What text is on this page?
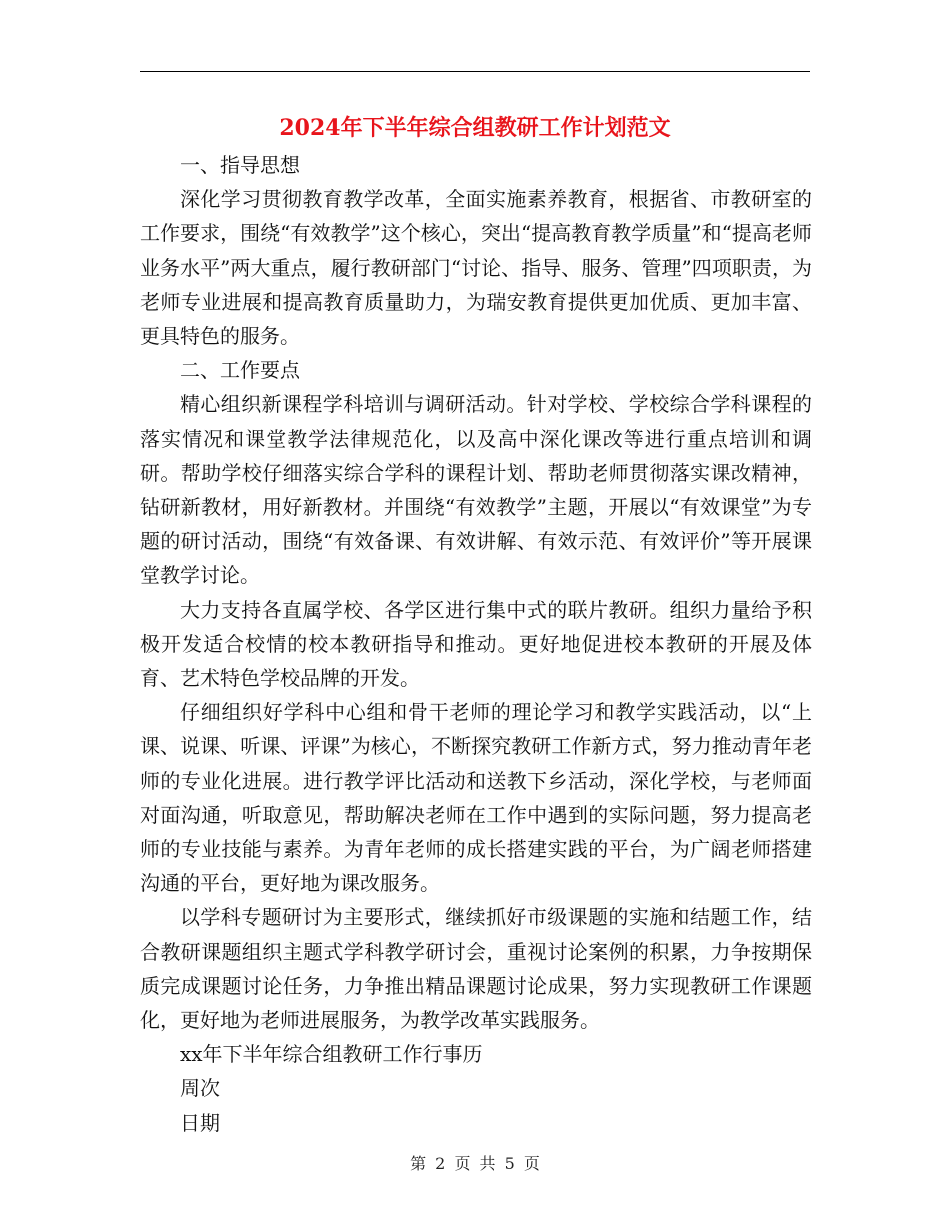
2024年下半年综合组教研工作计划范文

一、指导思想

深化学习贯彻教育教学改革，全面实施素养教育，根据省、市教研室的工作要求，围绕“有效教学”这个核心，突出“提高教育教学质量”和“提高老师业务水平”两大重点，履行教研部门“讨论、指导、服务、管理”四项职责，为老师专业进展和提高教育质量助力，为瑞安教育提供更加优质、更加丰富、更具特色的服务。

二、工作要点

精心组织新课程学科培训与调研活动。针对学校、学校综合学科课程的落实情况和课堂教学法律规范化，以及高中深化课改等进行重点培训和调研。帮助学校仔细落实综合学科的课程计划、帮助老师贯彻落实课改精神，钻研新教材，用好新教材。并围绕“有效教学”主题，开展以“有效课堂”为专题的研讨活动，围绕“有效备课、有效讲解、有效示范、有效评价”等开展课堂教学讨论。

大力支持各直属学校、各学区进行集中式的联片教研。组织力量给予积极开发适合校情的校本教研指导和推动。更好地促进校本教研的开展及体育、艺术特色学校品牌的开发。

仔细组织好学科中心组和骨干老师的理论学习和教学实践活动，以“上课、说课、听课、评课”为核心，不断探究教研工作新方式，努力推动青年老师的专业化进展。进行教学评比活动和送教下乡活动，深化学校，与老师面对面沟通，听取意见，帮助解决老师在工作中遇到的实际问题，努力提高老师的专业技能与素养。为青年老师的成长搭建实践的平台，为广阔老师搭建沟通的平台，更好地为课改服务。

以学科专题研讨为主要形式，继续抓好市级课题的实施和结题工作，结合教研课题组织主题式学科教学研讨会，重视讨论案例的积累，力争按期保质完成课题讨论任务，力争推出精品课题讨论成果，努力实现教研工作课题化，更好地为老师进展服务，为教学改革实践服务。

xx年下半年综合组教研工作行事历

周次

日期

第 2 页 共 5 页
